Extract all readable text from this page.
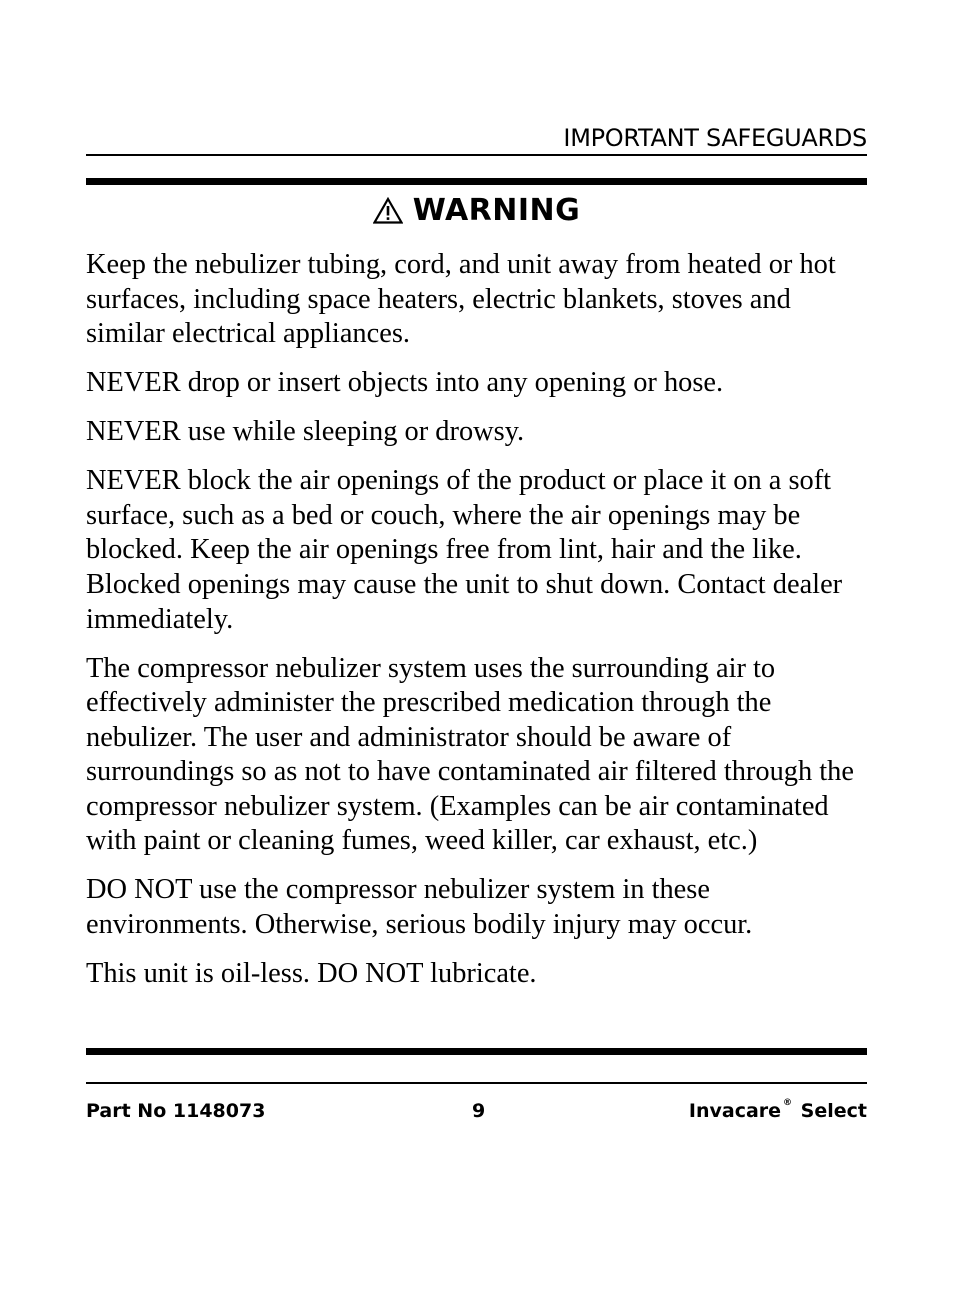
IMPORTANT SAFEGUARDS
WARNING

Keep the nebulizer tubing, cord, and unit away from heated or hot surfaces, including space heaters, electric blankets, stoves and similar electrical appliances.

NEVER drop or insert objects into any opening or hose.

NEVER use while sleeping or drowsy.

NEVER block the air openings of the product or place it on a soft surface, such as a bed or couch, where the air openings may be blocked. Keep the air openings free from lint, hair and the like. Blocked openings may cause the unit to shut down. Contact dealer immediately.

The compressor nebulizer system uses the surrounding air to effectively administer the prescribed medication through the nebulizer. The user and administrator should be aware of surroundings so as not to have contaminated air filtered through the compressor nebulizer system. (Examples can be air contaminated with paint or cleaning fumes, weed killer, car exhaust, etc.)

DO NOT use the compressor nebulizer system in these environments. Otherwise, serious bodily injury may occur.

This unit is oil-less. DO NOT lubricate.

Part No 1148073	9	Invacare ® Select
